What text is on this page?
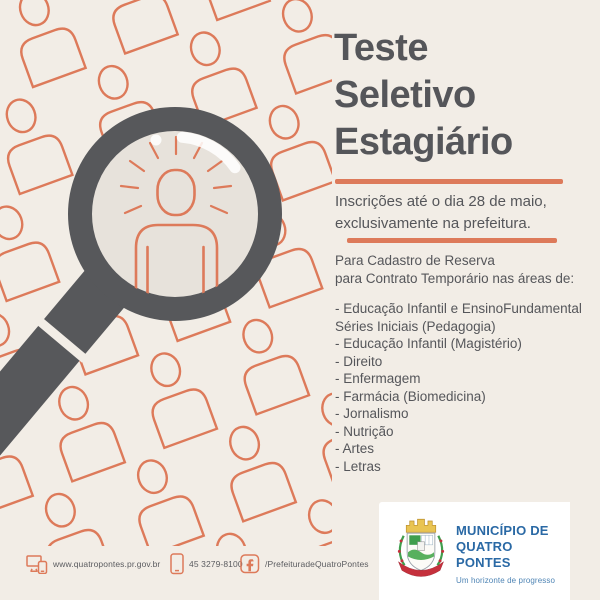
Teste
Seletivo
Estagiário
Inscrições até o dia 28 de maio,
exclusivamente na prefeitura.
Para Cadastro de Reserva
para Contrato Temporário nas áreas de:
- Educação Infantil e EnsinoFundamental Séries Iniciais (Pedagogia)
- Educação Infantil (Magistério)
- Direito
- Enfermagem
- Farmácia (Biomedicina)
- Jornalismo
- Nutrição
- Artes
- Letras
www.quatropontes.pr.gov.br	45 3279-8100	/PrefeituradeQuatroPontes
MUNICÍPIO DE
QUATRO PONTES
Um horizonte de progresso
